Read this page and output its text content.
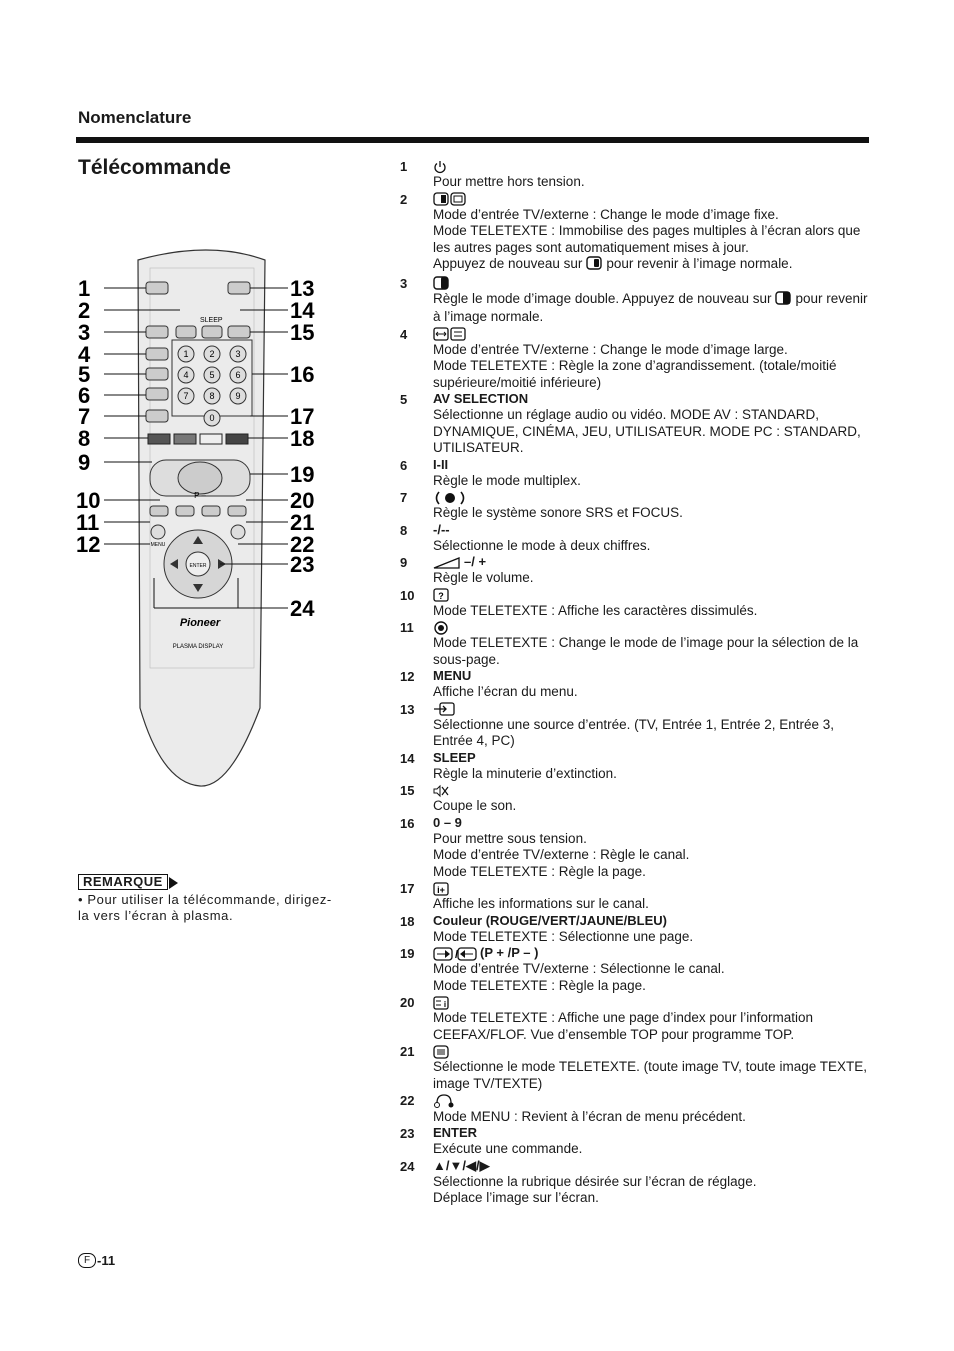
Nomenclature
Télécommande
SLEEP
1 2 3
4 5 6
7 8 9
0
P –
MENU
ENTER
Pioneer
PLASMA DISPLAY
1
2
3
4
5
6
7
8
9
10
11
12
13
14
15
16
17
18
19
20
21
22
23
24
REMARQUE
• Pour utiliser la télécommande, dirigez-la vers l’écran à plasma.
1
Pour mettre hors tension.
2
Mode d’entrée TV/externe : Change le mode d’image fixe.
Mode TELETEXTE : Immobilise des pages multiples à l’écran alors que les autres pages sont automatiquement mises à jour.
Appuyez de nouveau sur pour revenir à l’image normale.
3
Règle le mode d’image double. Appuyez de nouveau sur pour revenir à l’image normale.
4
Mode d’entrée TV/externe : Change le mode d’image large.
Mode TELETEXTE : Règle la zone d’agrandissement. (totale/moitié supérieure/moitié inférieure)
5 AV SELECTION
Sélectionne un réglage audio ou vidéo. MODE AV : STANDARD, DYNAMIQUE, CINÉMA, JEU, UTILISATEUR. MODE PC : STANDARD, UTILISATEUR.
6 I-II
Règle le mode multiplex.
7
Règle le système sonore SRS et FOCUS.
8 -/--
Sélectionne le mode à deux chiffres.
9	–/ +
Règle le volume.
10	?
Mode TELETEXTE : Affiche les caractères dissimulés.
11
Mode TELETEXTE : Change le mode de l’image pour la sélection de la sous-page.
12 MENU
Affiche l’écran du menu.
13
Sélectionne une source d’entrée. (TV, Entrée 1, Entrée 2, Entrée 3, Entrée 4, PC)
14 SLEEP
Règle la minuterie d’extinction.
15
Coupe le son.
16 0 – 9
Pour mettre sous tension.
Mode d’entrée TV/externe : Règle le canal.
Mode TELETEXTE : Règle la page.
17	i+
Affiche les informations sur le canal.
18 Couleur (ROUGE/VERT/JAUNE/BLEU)
Mode TELETEXTE : Sélectionne une page.
19	/ (P + /P – )
Mode d’entrée TV/externe : Sélectionne le canal.
Mode TELETEXTE : Règle la page.
20	i
Mode TELETEXTE : Affiche une page d’index pour l’information CEEFAX/FLOF. Vue d’ensemble TOP pour programme TOP.
21
Sélectionne le mode TELETEXTE. (toute image TV, toute image TEXTE, image TV/TEXTE)
22
Mode MENU : Revient à l’écran de menu précédent.
23 ENTER
Exécute une commande.
24 ▲/▼/◀/▶
Sélectionne la rubrique désirée sur l’écran de réglage.
Déplace l’image sur l’écran.
F -11
